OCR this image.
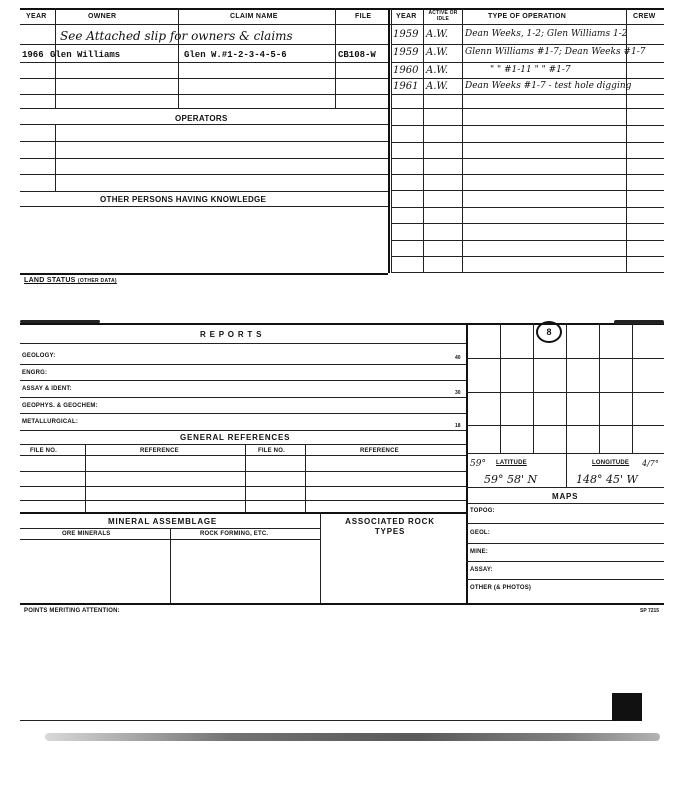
YEAR	OWNER	CLAIM NAME	FILE	YEAR	ACTIVE OR IDLE	TYPE OF OPERATION	CREW
See Attached slip for owners & claims
1966 Glen Williams	Glen W.#1-2-3-4-5-6	CB108-W
1959 A.W. Dean Weeks, 1-2; Glen Williams 1-2
1959 A.W. Glenn Williams #1-7; Dean Weeks #1-7
1960 A.W.	" " #1-11 " " #1-7
1961 A.W. Dean Weeks #1-7 - test hole digging
OPERATORS
OTHER PERSONS HAVING KNOWLEDGE
LAND STATUS (OTHER DATA)
R E P O R T S
GEOLOGY:	40
ENGRG:
ASSAY & IDENT:
30
GEOPHYS. & GEOCHEM:
METALLURGICAL:
18
GENERAL REFERENCES
FILE NO.	REFERENCE	FILE NO.	REFERENCE
MINERAL ASSEMBLAGE
ORE MINERALS	ROCK FORMING, ETC.
ASSOCIATED ROCK TYPES
8
59° LATITUDE	LONGITUDE 4/7°
59° 58' N	148° 45' W
MAPS
TOPOG:
GEOL:
MINE:
ASSAY:
OTHER (& PHOTOS)
POINTS MERITING ATTENTION:	SP 7215
